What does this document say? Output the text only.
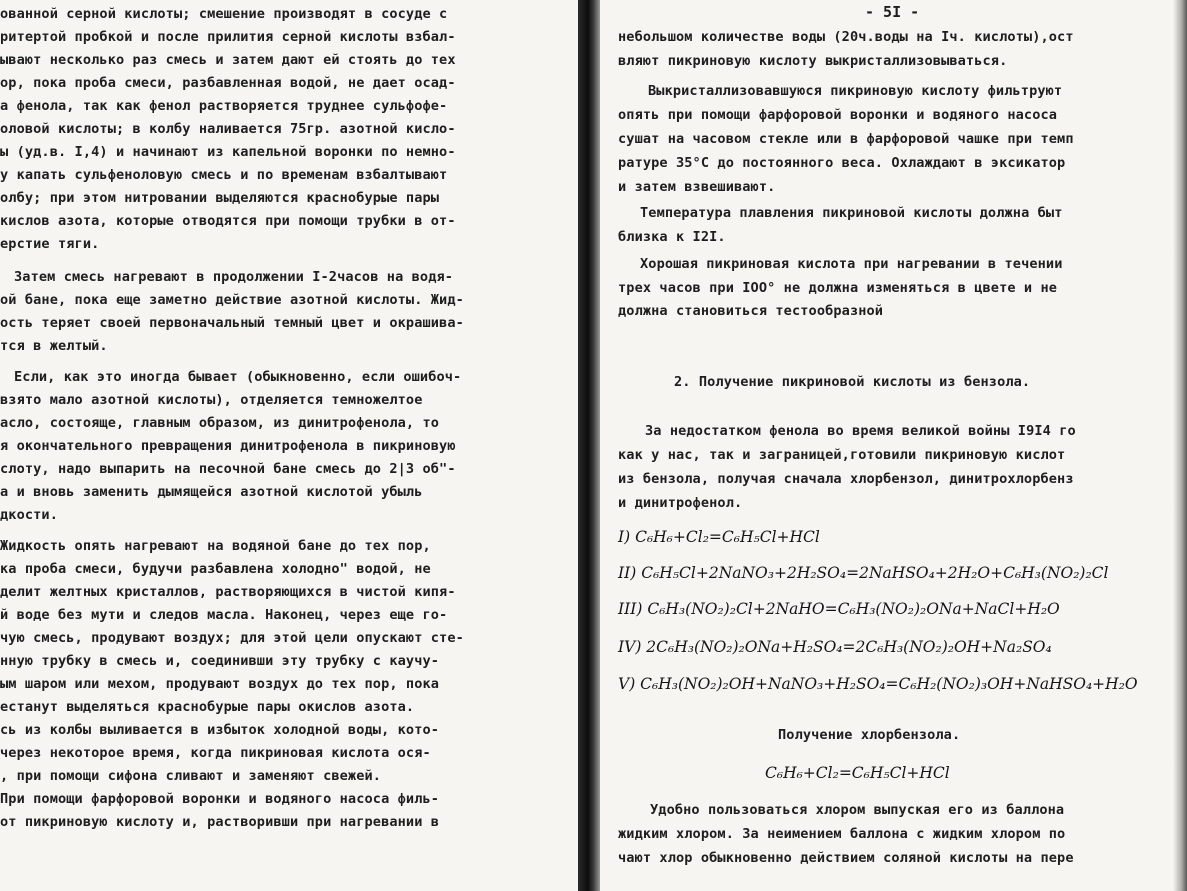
ованной серной кислоты; смешение производят в сосуде с
ритертой пробкой и после прилития серной кислоты взбал-
ывают несколько раз смесь и затем дают ей стоять до тех
ор, пока проба смеси, разбавленная водой, не дает осад-
а фенола, так как фенол растворяется труднее сульфофе-
оловой кислоты; в колбу наливается 75гр. азотной кисло-
ы (уд.в. I,4) и начинают из капельной воронки по немно-
у капать сульфеноловую смесь и по временам взбалтывают
олбу; при этом нитровании выделяются краснобурые пары
кислов азота, которые отводятся при помощи трубки в от-
ерстие тяги.
Затем смесь нагревают в продолжении I-2часов на водя-
ой бане, пока еще заметно действие азотной кислоты. Жид-
ость теряет своей первоначальный темный цвет и окрашива-
тся в желтый.
Если, как это иногда бывает (обыкновенно, если ошибоч-
взято мало азотной кислоты), отделяется темножелтое
асло, состояще, главным образом, из динитрофенола, то
я окончательного превращения динитрофенола в пикриновую
слоту, надо выпарить на песочной бане смесь до 2|3 об"-
а и вновь заменить дымящейся азотной кислотой убыль
дкости.
Жидкость опять нагревают на водяной бане до тех пор,
ка проба смеси, будучи разбавлена холодно" водой, не
делит желтных кристаллов, растворяющихся в чистой кипя-
й воде без мути и следов масла. Наконец, через еще го-
чую смесь, продувают воздух; для этой цели опускают сте-
нную трубку в смесь и, соединивши эту трубку с каучу-
ым шаром или мехом, продувают воздух до тех пор, пока
естанут выделяться краснобурые пары окислов азота.
сь из колбы выливается в избыток холодной воды, кото-
через некоторое время, когда пикриновая кислота ося-
, при помощи сифона сливают и заменяют свежей.
При помощи фарфоровой воронки и водяного насоса филь-
от пикриновую кислоту и, растворивши при нагревании в
- 5I -
небольшом количестве воды (20ч.воды на Iч. кислоты),ост
вляют пикриновую кислоту выкристаллизовываться.
Выкристаллизовавшуюся пикриновую кислоту фильтруют
опять при помощи фарфоровой воронки и водяного насоса
сушат на часовом стекле или в фарфоровой чашке при темп
ратуре 35°С до постоянного веса. Охлаждают в эксикатор
и затем взвешивают.
Температура плавления пикриновой кислоты должна быт
близка к I2I.
Хорошая пикриновая кислота при нагревании в течении
трех часов при IOO° не должна изменяться в цвете и не
должна становиться тестообразной
2. Получение пикриновой кислоты из бензола.
За недостатком фенола во время великой войны I9I4 го
как у нас, так и заграницей,готовили пикриновую кислот
из бензола, получая сначала хлорбензол, динитрохлорбенз
и динитрофенол.
I) C₆H₆+Cl₂=C₆H₅Cl+HCl
II) C₆H₅Cl+2NaNO₃+2H₂SO₄=2NaHSO₄+2H₂O+C₆H₃(NO₂)₂Cl
III) C₆H₃(NO₂)₂Cl+2NaHO=C₆H₃(NO₂)₂ONa+NaCl+H₂O
IV) 2C₆H₃(NO₂)₂ONa+H₂SO₄=2C₆H₃(NO₂)₂OH+Na₂SO₄
V) C₆H₃(NO₂)₂OH+NaNO₃+H₂SO₄=C₆H₂(NO₂)₃OH+NaHSO₄+H₂O
Получение хлорбензола.
C₆H₆+Cl₂=C₆H₅Cl+HCl
Удобно пользоваться хлором выпуская его из баллона
жидким хлором. За неимением баллона с жидким хлором по
чают хлор обыкновенно действием соляной кислоты на пере
